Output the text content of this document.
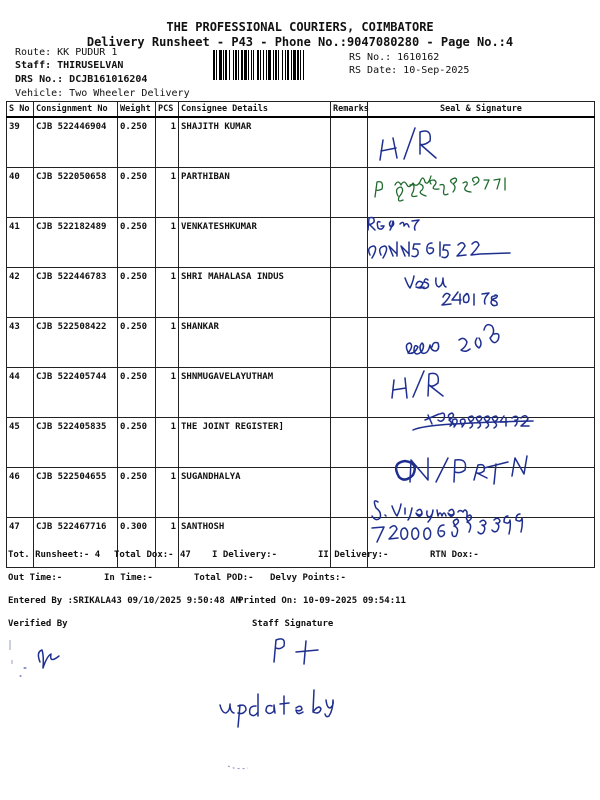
THE PROFESSIONAL COURIERS, COIMBATORE
Delivery Runsheet - P43 - Phone No.:9047080280 - Page No.:4
Route: KK PUDUR 1
Staff: THIRUSELVAN
DRS No.: DCJB161016204
Vehicle: Two Wheeler Delivery
RS No.: 1610162
RS Date: 10-Sep-2025
S No	Consignment No	Weight	PCS	Consignee Details	Remarks	Seal & Signature
39	CJB 522446904	0.250	1	SHAJITH KUMAR		
40	CJB 522050658	0.250	1	PARTHIBAN		
41	CJB 522182489	0.250	1	VENKATESHKUMAR		
42	CJB 522446783	0.250	1	SHRI MAHALASA INDUS		
43	CJB 522508422	0.250	1	SHANKAR		
44	CJB 522405744	0.250	1	SHNMUGAVELAYUTHAM		
45	CJB 522405835	0.250	1	THE JOINT REGISTER]		
46	CJB 522504655	0.250	1	SUGANDHALYA		
47	CJB 522467716	0.300	1	SANTHOSH		
Tot. Runsheet:- 4 Total Dox:- 47 I Delivery:-	II Delivery:-	RTN Dox:-
Out Time:-	In Time:-	Total POD:- Delvy Points:-
Entered By :SRIKALA43 09/10/2025 9:50:48 AM
Printed On: 10-09-2025 09:54:11
Verified By	Staff Signature
